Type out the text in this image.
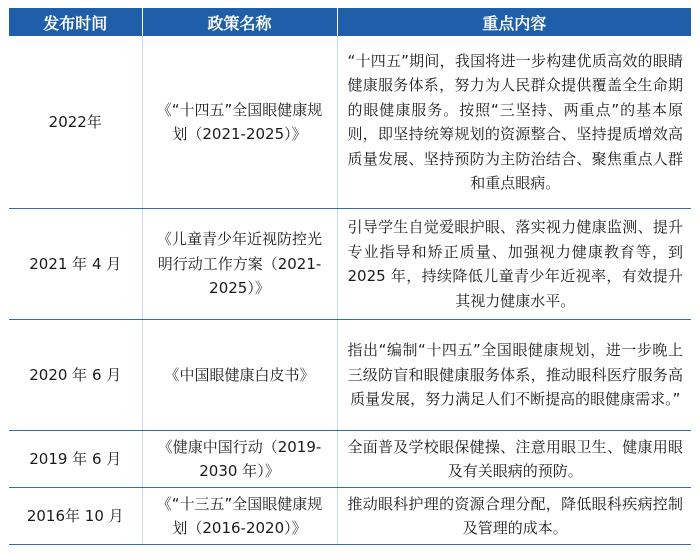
发布时间	政策名称	重点内容
2022年	《“十四五”全国眼健康规划（2021-2025）》	“十四五”期间，我国将进一步构建优质高效的眼睛健康服务体系，努力为人民群众提供覆盖全生命期的眼健康服务。按照“三坚持、两重点”的基本原则，即坚持统筹规划的资源整合、坚持提质增效高质量发展、坚持预防为主防治结合、聚焦重点人群和重点眼病。
2021 年 4 月	《儿童青少年近视防控光明行动工作方案（2021-2025）》	引导学生自觉爱眼护眼、落实视力健康监测、提升专业指导和矫正质量、加强视力健康教育等，到 2025 年，持续降低儿童青少年近视率，有效提升其视力健康水平。
2020 年 6 月	《中国眼健康白皮书》	指出“编制“十四五”全国眼健康规划，进一步晚上三级防盲和眼健康服务体系，推动眼科医疗服务高质量发展，努力满足人们不断提高的眼健康需求。”
2019 年 6 月	《健康中国行动（2019-2030 年）》	全面普及学校眼保健操、注意用眼卫生、健康用眼及有关眼病的预防。
2016年 10 月	《“十三五”全国眼健康规划（2016-2020）》	推动眼科护理的资源合理分配，降低眼科疾病控制及管理的成本。
